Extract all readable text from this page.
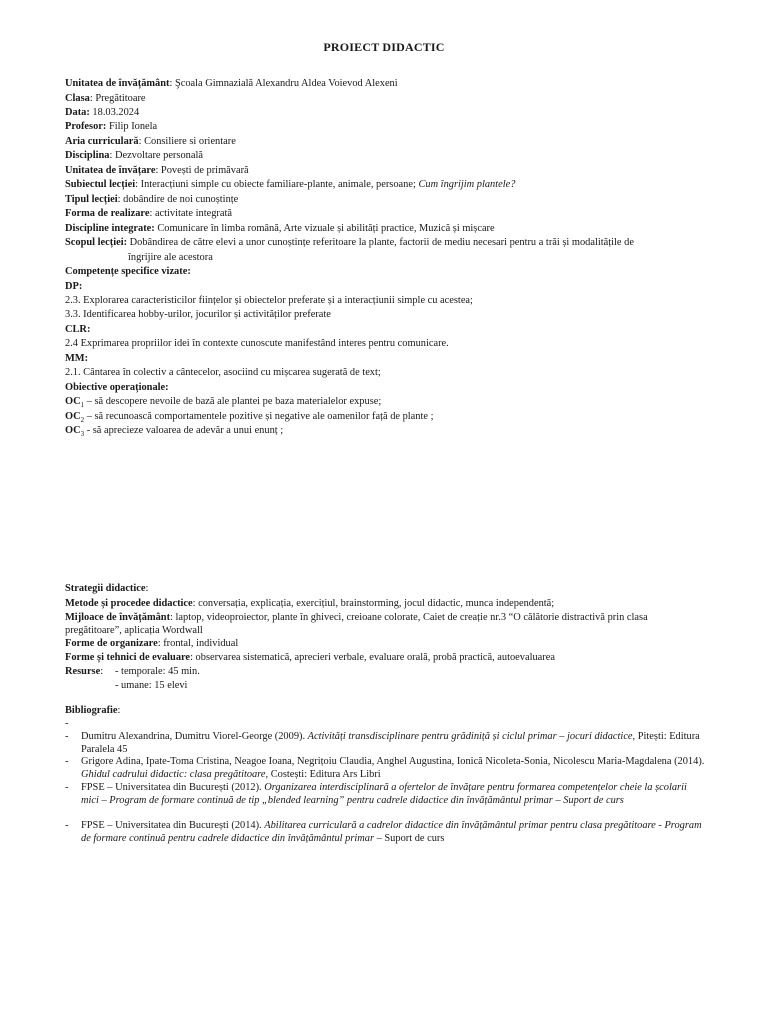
PROIECT DIDACTIC
Unitatea de învățământ: Şcoala Gimnazială Alexandru Aldea Voievod Alexeni
Clasa: Pregătitoare
Data: 18.03.2024
Profesor: Filip Ionela
Aria curriculară: Consiliere si orientare
Disciplina: Dezvoltare personală
Unitatea de învățare: Povești de primăvară
Subiectul lecției: Interacțiuni simple cu obiecte familiare-plante, animale, persoane; Cum îngrijim plantele?
Tipul lecției: dobândire de noi cunoștințe
Forma de realizare: activitate integrată
Discipline integrate: Comunicare în limba română, Arte vizuale și abilități practice, Muzică și mișcare
Scopul lecției: Dobândirea de către elevi a unor cunoștințe referitoare la plante, factorii de mediu necesari pentru a trăi și modalitățile de
îngrijire ale acestora
Competențe specifice vizate:
DP:
2.3. Explorarea caracteristicilor ființelor și obiectelor preferate și a interacțiunii simple cu acestea;
3.3. Identificarea hobby-urilor, jocurilor și activităților preferate
CLR:
2.4 Exprimarea propriilor idei în contexte cunoscute manifestând interes pentru comunicare.
MM:
2.1. Cântarea în colectiv a cântecelor, asociind cu mișcarea sugerată de text;
Obiective operaționale:
$OC_1$ – să descopere nevoile de bază ale plantei pe baza materialelor expuse;
$OC_2$ – să recunoască comportamentele pozitive și negative ale oamenilor față de plante ;
$OC_3$ - să aprecieze valoarea de adevăr a unui enunț ;
Strategii didactice:
Metode și procedee didactice: conversația, explicația, exercițiul, brainstorming, jocul didactic, munca independentă;
Mijloace de învățământ: laptop, videoproiector, plante în ghiveci, creioane colorate, Caiet de creație nr.3 “O călătorie distractivă prin clasa pregătitoare”, aplicația Wordwall
Forme de organizare: frontal, individual
Forme și tehnici de evaluare: observarea sistematică, aprecieri verbale, evaluare orală, probă practică, autoevaluarea
Resurse: - temporale: 45 min.
- umane: 15 elevi
Bibliografie:
-
- Dumitru Alexandrina, Dumitru Viorel-George (2009). Activități transdisciplinare pentru grădiniță și ciclul primar – jocuri didactice, Pitești: Editura Paralela 45
- Grigore Adina, Ipate-Toma Cristina, Neagoe Ioana, Negrițoiu Claudia, Anghel Augustina, Ionică Nicoleta-Sonia, Nicolescu Maria-Magdalena (2014). Ghidul cadrului didactic: clasa pregătitoare, Costești: Editura Ars Libri
- FPSE – Universitatea din București (2012). Organizarea interdisciplinară a ofertelor de învățare pentru formarea competențelor cheie la școlarii mici – Program de formare continuă de tip „blended learning” pentru cadrele didactice din învățământul primar – Suport de curs
- FPSE – Universitatea din București (2014). Abilitarea curriculară a cadrelor didactice din învățământul primar pentru clasa pregătitoare - Program de formare continuă pentru cadrele didactice din învățământul primar – Suport de curs
